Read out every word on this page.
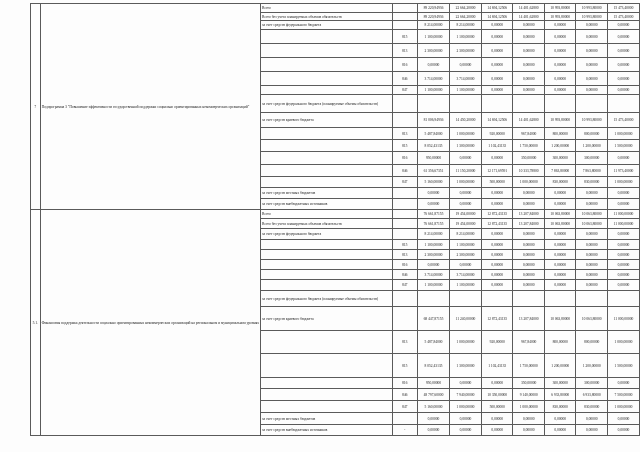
7	Подпрограмма 3 "Повышение эффективности государственной поддержки социально ориентированных некоммерческих организаций"	Всего		89 220,94936	22 664,20000	14 694,12506	14 401,62800	10 993,80000	10 993,80000	15 473,40000
		Всего без учета планируемых объемов обязательств		89 220,94936	22 664,20000	14 694,12506	14 401,62800	10 993,80000	10 993,80000	15 473,40000
		за счет средств федерального бюджета		8 214,00000	8 214,00000	0,00000	0,00000	0,00000	0,00000	0,00000
			815	1 100,00000	1 100,00000	0,00000	0,00000	0,00000	0,00000	0,00000
			813	2 300,00000	2 300,00000	0,00000	0,00000	0,00000	0,00000	0,00000
			816	0,00000	0,00000	0,00000	0,00000	0,00000	0,00000	0,00000
			846	3 714,00000	3 714,00000	0,00000	0,00000	0,00000	0,00000	0,00000
			847	1 100,00000	1 100,00000	0,00000	0,00000	0,00000	0,00000	0,00000
		за счет средств федерального бюджета (планируемые объемы обязательств)								
		за счет средств краевого бюджета		81 006,94936	14 450,20000	14 694,12506	14 401,62800	10 993,80000	10 993,80000	15 473,40000
			813	5 487,84000	1 000,00000	920,00000	967,84000	800,00000	800,00000	1 000,00000
			815	8 052,43135	1 300,00000	1 102,43135	1 750,00000	1 200,00000	1 200,00000	1 500,00000
			816	950,00000	0,00000	0,00000	350,00000	300,00000	300,00000	0,00000
			846	61 356,67351	11 150,20000	12 171,69591	10 333,78800	7 863,80000	7 863,80000	11 973,40000
			847	5 160,00000	1 000,00000	500,00000	1 000,00000	830,00000	830,00000	1 000,00000
		за счет средств местных бюджетов		0,00000	0,00000	0,00000	0,00000	0,00000	0,00000	0,00000
		за счет средств внебюджетных источников		0,00000	0,00000	0,00000	0,00000	0,00000	0,00000	0,00000
5.1.	Финансовая поддержка деятельности социально ориентированных некоммерческих организаций на региональном и муниципальном уровнях	Всего		76 661,87155	19 454,00000	12 872,43135	13 207,84000	10 063,80000	10 063,80000	11 000,00000
		Всего без учета планируемых объемов обязательств		76 661,87155	19 454,00000	12 872,43135	13 207,84000	10 063,80000	10 063,80000	11 000,00000
		за счет средств федерального бюджета		8 214,00000	8 214,00000	0,00000	0,00000	0,00000	0,00000	0,00000
			815	1 100,00000	1 100,00000	0,00000	0,00000	0,00000	0,00000	0,00000
			813	2 300,00000	2 300,00000	0,00000	0,00000	0,00000	0,00000	0,00000
			816	0,00000	0,00000	0,00000	0,00000	0,00000	0,00000	0,00000
			846	3 714,00000	3 714,00000	0,00000	0,00000	0,00000	0,00000	0,00000
			847	1 100,00000	1 100,00000	0,00000	0,00000	0,00000	0,00000	0,00000
		за счет средств федерального бюджета (планируемые объемы обязательств)								
		за счет средств краевого бюджета		68 447,87155	11 240,00000	12 872,43135	13 207,84000	10 063,80000	10 063,80000	11 000,00000
			813	5 487,84000	1 000,00000	920,00000	967,84000	800,00000	800,00000	1 000,00000
			815	8 052,43135	1 300,00000	1 102,43135	1 750,00000	1 200,00000	1 200,00000	1 500,00000
			816	950,00000	0,00000	0,00000	350,00000	300,00000	300,00000	0,00000
			846	48 797,60000	7 940,00000	10 350,00000	9 140,00000	6 933,80000	6 933,80000	7 500,00000
			847	5 160,00000	1 000,00000	500,00000	1 000,00000	830,00000	830,00000	1 000,00000
		за счет средств местных бюджетов		0,00000	0,00000	0,00000	0,00000	0,00000	0,00000	0,00000
		за счет средств внебюджетных источников	-	0,00000	0,00000	0,00000	0,00000	0,00000	0,00000	0,00000
